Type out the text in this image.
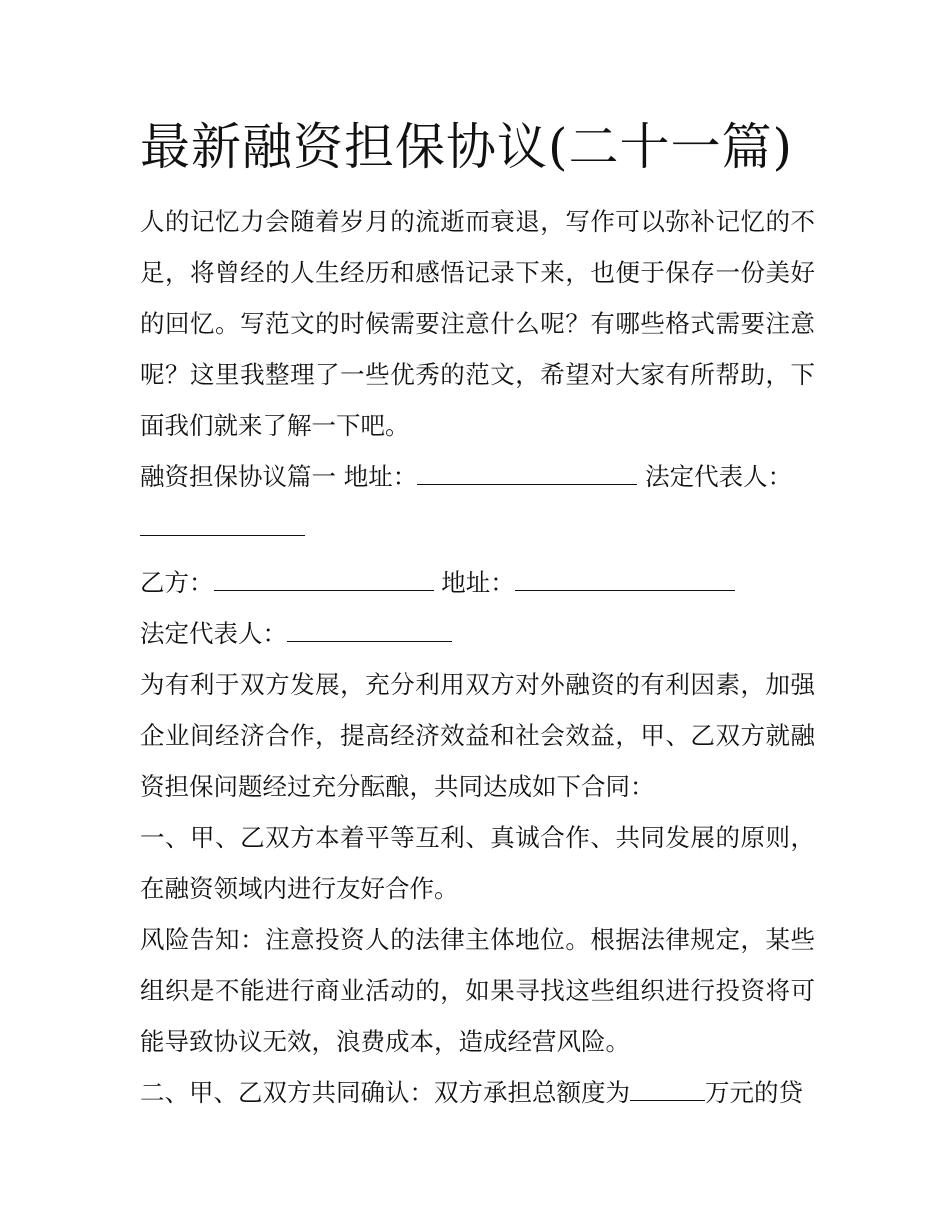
最新融资担保协议(二十一篇)

人的记忆力会随着岁月的流逝而衰退，写作可以弥补记忆的不足，将曾经的人生经历和感悟记录下来，也便于保存一份美好的回忆。写范文的时候需要注意什么呢？有哪些格式需要注意呢？这里我整理了一些优秀的范文，希望对大家有所帮助，下面我们就来了解一下吧。

融资担保协议篇一 地址：	法定代表人：

乙方：	地址：

法定代表人：

为有利于双方发展，充分利用双方对外融资的有利因素，加强企业间经济合作，提高经济效益和社会效益，甲、乙双方就融资担保问题经过充分酝酿，共同达成如下合同：

一、甲、乙双方本着平等互利、真诚合作、共同发展的原则，在融资领域内进行友好合作。

风险告知：注意投资人的法律主体地位。根据法律规定，某些组织是不能进行商业活动的，如果寻找这些组织进行投资将可能导致协议无效，浪费成本，造成经营风险。

二、甲、乙双方共同确认：双方承担总额度为	万元的贷
